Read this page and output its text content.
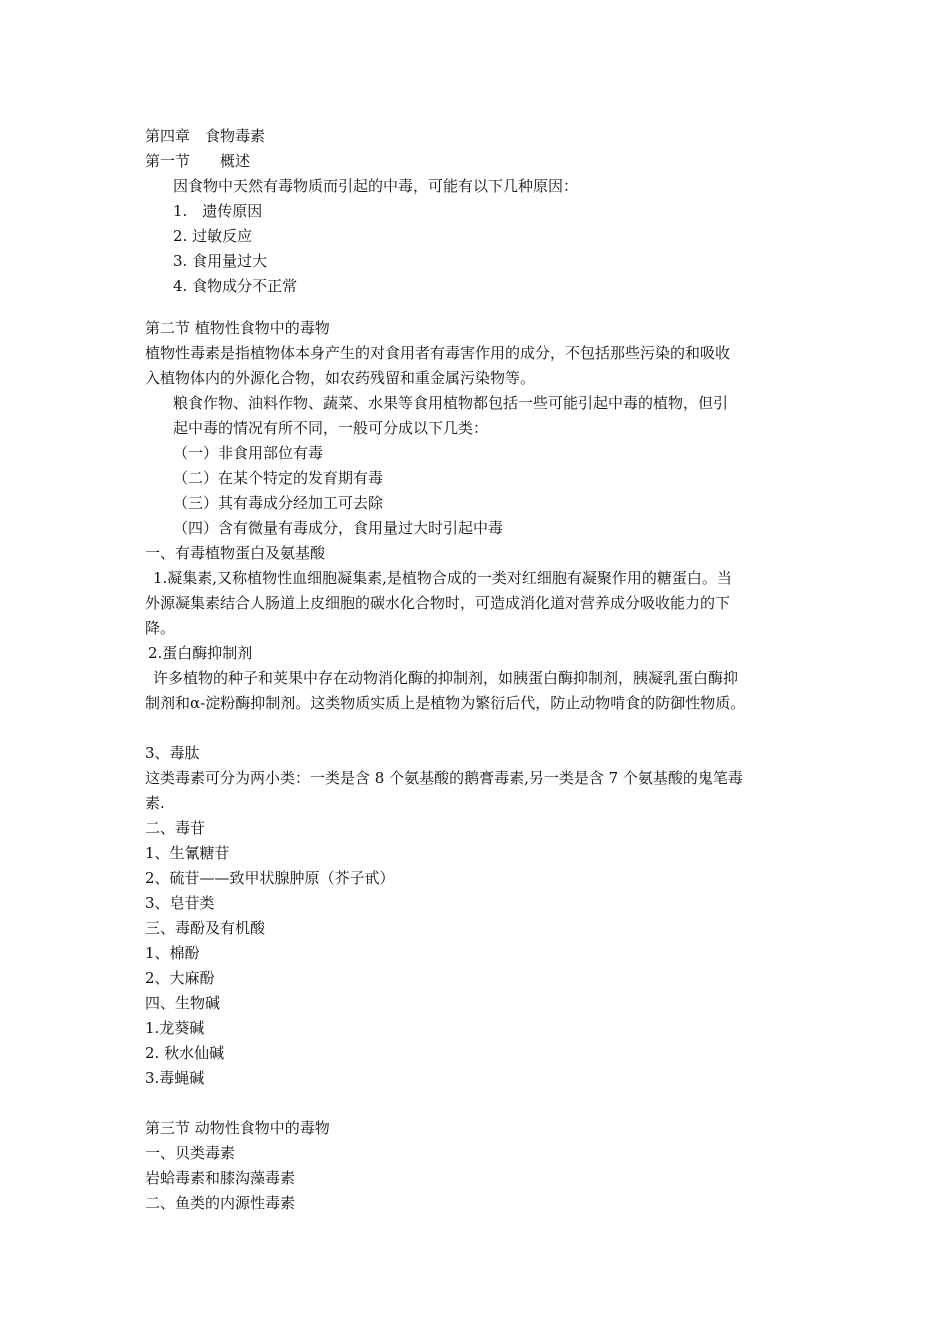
第四章　食物毒素
第一节　　概述
因食物中天然有毒物质而引起的中毒，可能有以下几种原因：
1.　遗传原因
2. 过敏反应
3. 食用量过大
4. 食物成分不正常
第二节 植物性食物中的毒物
植物性毒素是指植物体本身产生的对食用者有毒害作用的成分，不包括那些污染的和吸收
入植物体内的外源化合物，如农药残留和重金属污染物等。
粮食作物、油料作物、蔬菜、水果等食用植物都包括一些可能引起中毒的植物，但引
起中毒的情况有所不同，一般可分成以下几类：
（一）非食用部位有毒
（二）在某个特定的发育期有毒
（三）其有毒成分经加工可去除
（四）含有微量有毒成分，食用量过大时引起中毒
一、有毒植物蛋白及氨基酸
1.凝集素,又称植物性血细胞凝集素,是植物合成的一类对红细胞有凝聚作用的糖蛋白。当
外源凝集素结合人肠道上皮细胞的碳水化合物时，可造成消化道对营养成分吸收能力的下
降。
2.蛋白酶抑制剂
许多植物的种子和荚果中存在动物消化酶的抑制剂，如胰蛋白酶抑制剂，胰凝乳蛋白酶抑
制剂和α-淀粉酶抑制剂。这类物质实质上是植物为繁衍后代，防止动物啃食的防御性物质。
3、毒肽
这类毒素可分为两小类：一类是含 8 个氨基酸的鹅膏毒素,另一类是含 7 个氨基酸的鬼笔毒
素.
二、毒苷
1、生氰糖苷
2、硫苷——致甲状腺肿原（芥子甙）
3、皂苷类
三、毒酚及有机酸
1、棉酚
2、大麻酚
四、生物碱
1.龙葵碱
2. 秋水仙碱
3.毒蝇碱
第三节 动物性食物中的毒物
一、贝类毒素
岩蛤毒素和膝沟藻毒素
二、鱼类的内源性毒素
